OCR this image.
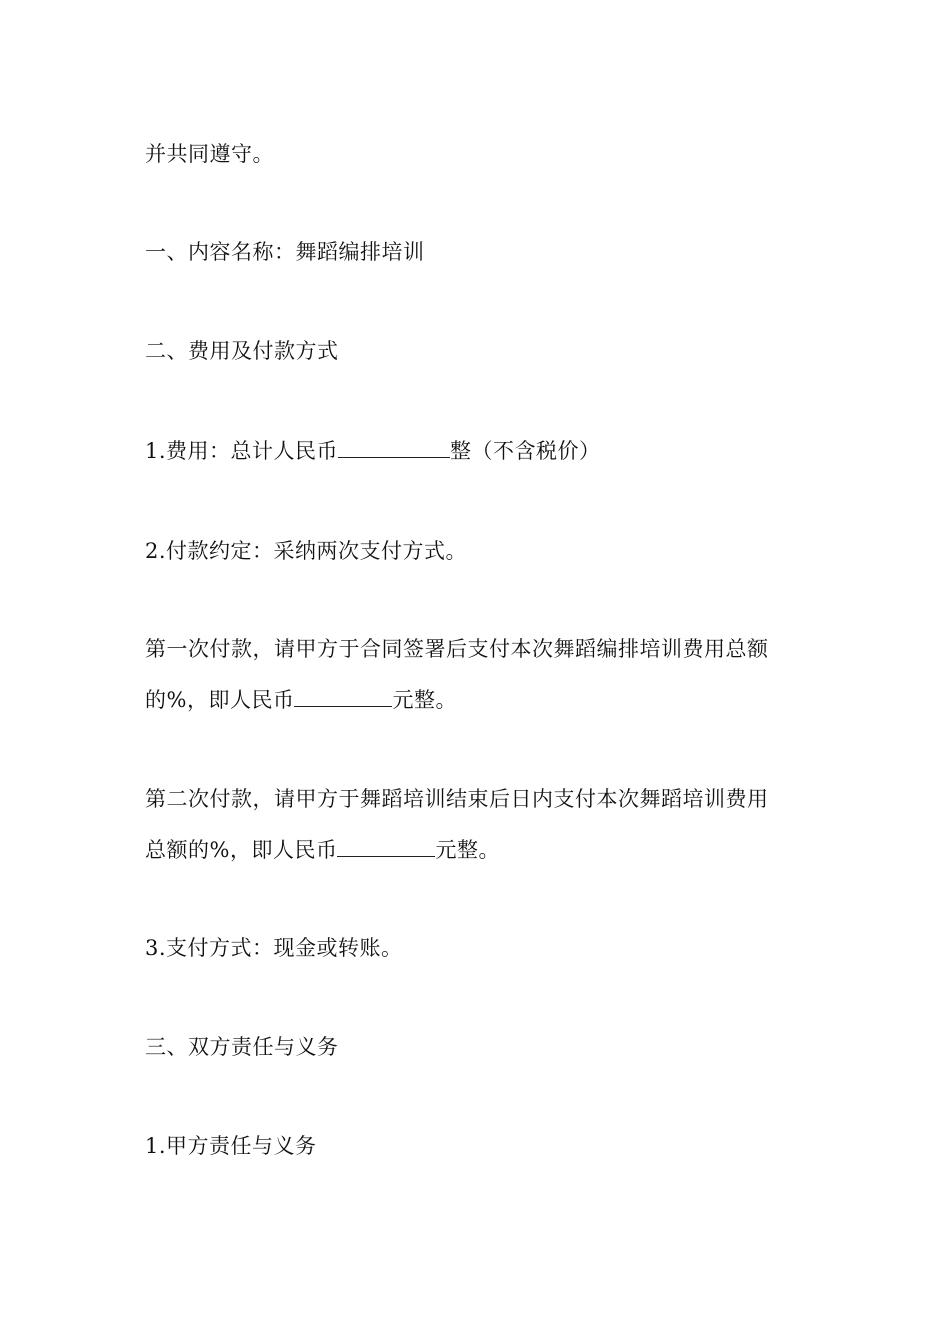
并共同遵守。
一、内容名称：舞蹈编排培训
二、费用及付款方式
1.费用：总计人民币	整（不含税价）
2.付款约定：采纳两次支付方式。
第一次付款，请甲方于合同签署后支付本次舞蹈编排培训费用总额
的%，即人民币	元整。
第二次付款，请甲方于舞蹈培训结束后日内支付本次舞蹈培训费用
总额的%，即人民币	元整。
3.支付方式：现金或转账。
三、双方责任与义务
1.甲方责任与义务
